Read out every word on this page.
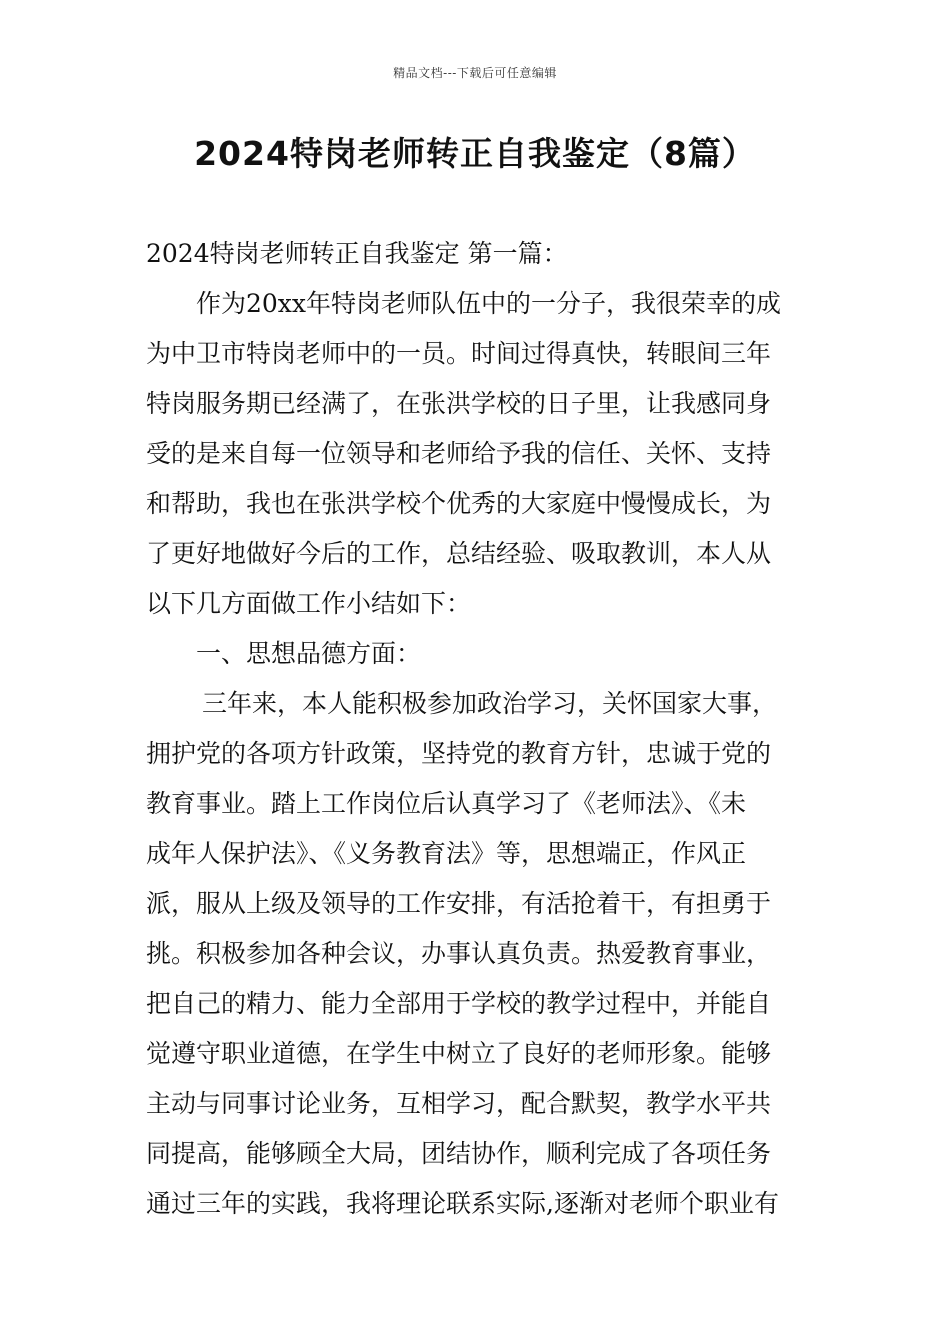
精品文档---下载后可任意编辑
2024特岗老师转正自我鉴定（8篇）
2024特岗老师转正自我鉴定 第一篇：
作为20xx年特岗老师队伍中的一分子，我很荣幸的成
为中卫市特岗老师中的一员。时间过得真快，转眼间三年
特岗服务期已经满了，在张洪学校的日子里，让我感同身
受的是来自每一位领导和老师给予我的信任、关怀、支持
和帮助，我也在张洪学校个优秀的大家庭中慢慢成长，为
了更好地做好今后的工作，总结经验、吸取教训，本人从
以下几方面做工作小结如下：
一、思想品德方面：
三年来，本人能积极参加政治学习，关怀国家大事，
拥护党的各项方针政策，坚持党的教育方针，忠诚于党的
教育事业。踏上工作岗位后认真学习了《老师法》、《未
成年人保护法》、《义务教育法》等，思想端正，作风正
派，服从上级及领导的工作安排，有活抢着干，有担勇于
挑。积极参加各种会议，办事认真负责。热爱教育事业，
把自己的精力、能力全部用于学校的教学过程中，并能自
觉遵守职业道德，在学生中树立了良好的老师形象。能够
主动与同事讨论业务，互相学习，配合默契，教学水平共
同提高，能够顾全大局，团结协作，顺利完成了各项任务
通过三年的实践，我将理论联系实际,逐渐对老师个职业有
